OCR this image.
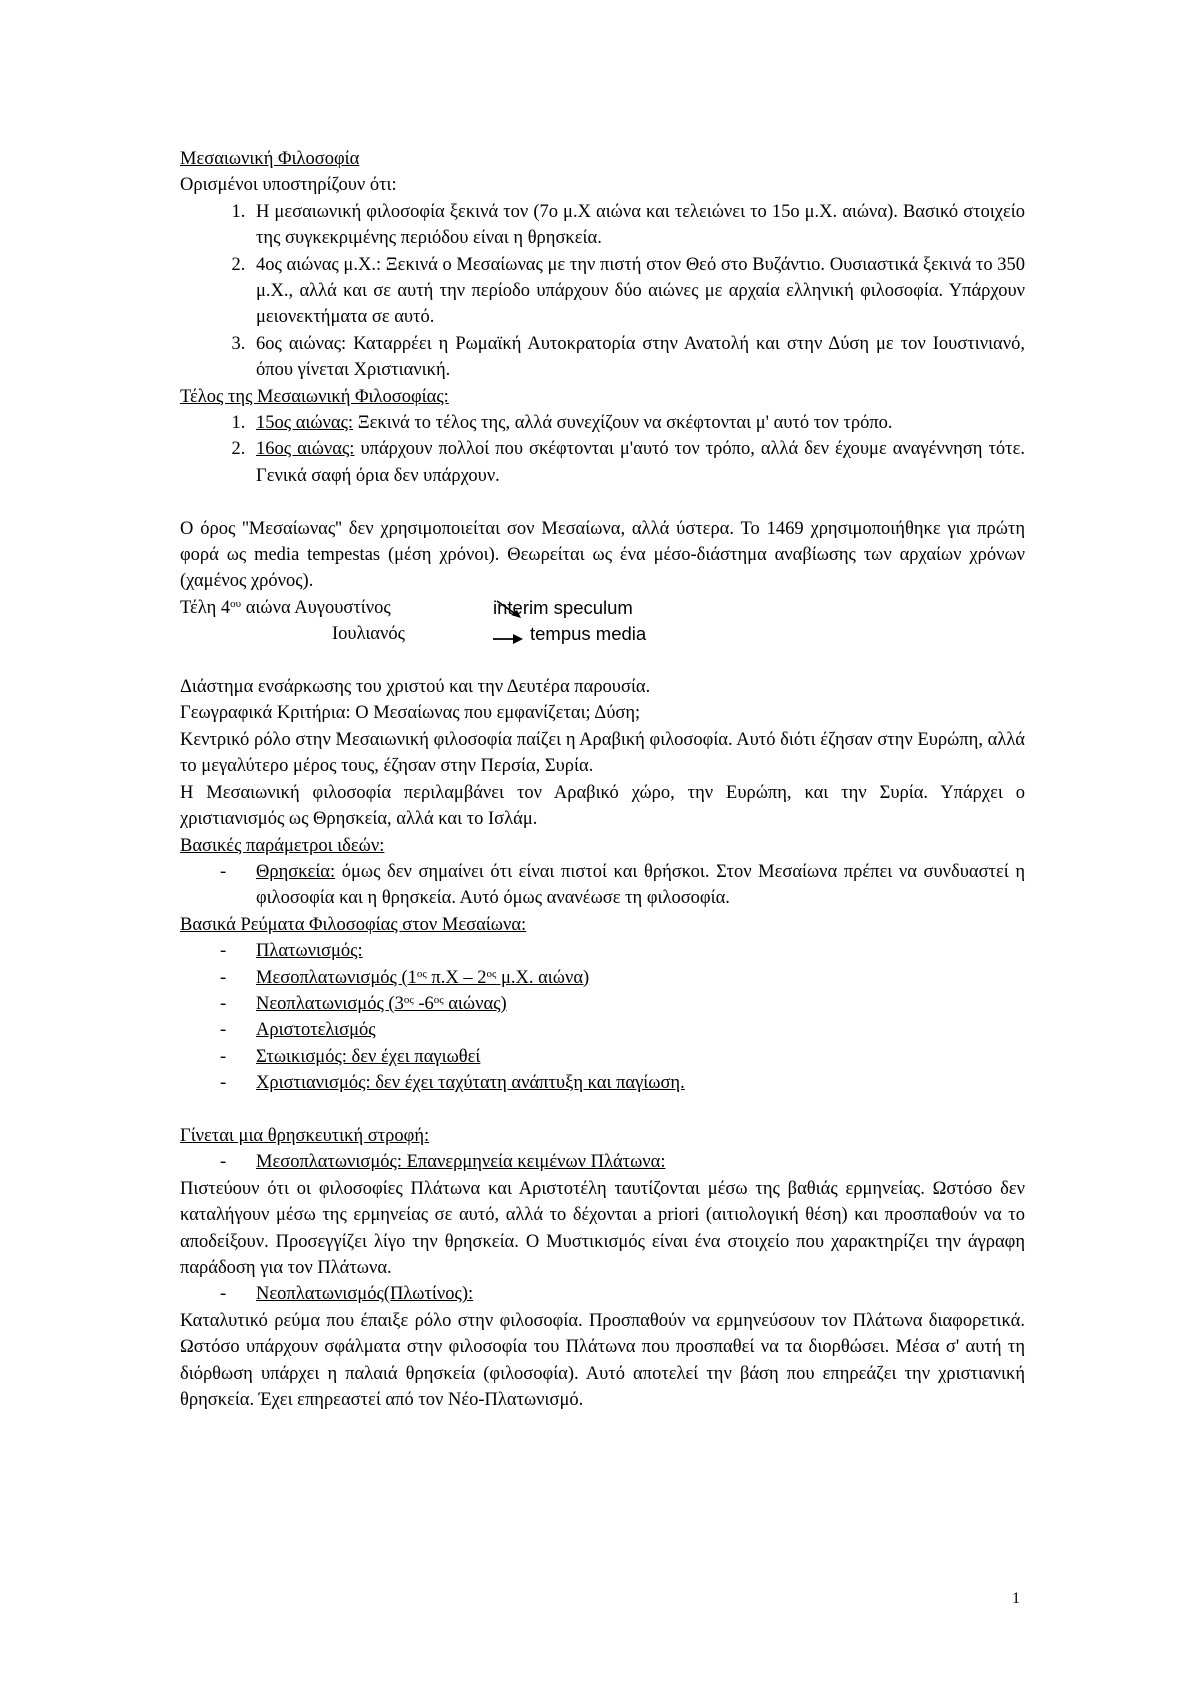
Μεσαιωνική Φιλοσοφία

Ορισμένοι υποστηρίζουν ότι:

1. Η μεσαιωνική φιλοσοφία ξεκινά τον (7ο μ.Χ αιώνα και τελειώνει το 15ο μ.Χ. αιώνα). Βασικό στοιχείο της συγκεκριμένης περιόδου είναι η θρησκεία.
2. 4ος αιώνας μ.Χ.: Ξεκινά ο Μεσαίωνας με την πιστή στον Θεό στο Βυζάντιο. Ουσιαστικά ξεκινά το 350 μ.Χ., αλλά και σε αυτή την περίοδο υπάρχουν δύο αιώνες με αρχαία ελληνική φιλοσοφία. Υπάρχουν μειονεκτήματα σε αυτό.
3. 6ος αιώνας: Καταρρέει η Ρωμαϊκή Αυτοκρατορία στην Ανατολή και στην Δύση με τον Ιουστινιανό, όπου γίνεται Χριστιανική.

Τέλος της Μεσαιωνική Φιλοσοφίας:

1. 15ος αιώνας: Ξεκινά το τέλος της, αλλά συνεχίζουν να σκέφτονται μ' αυτό τον τρόπο.
2. 16ος αιώνας: υπάρχουν πολλοί που σκέφτονται μ'αυτό τον τρόπο, αλλά δεν έχουμε αναγέννηση τότε. Γενικά σαφή όρια δεν υπάρχουν.

Ο όρος ''Μεσαίωνας'' δεν χρησιμοποιείται σον Μεσαίωνα, αλλά ύστερα. Το 1469 χρησιμοποιήθηκε για πρώτη φορά ως media tempestas (μέση χρόνοι). Θεωρείται ως ένα μέσο-διάστημα αναβίωσης των αρχαίων χρόνων (χαμένος χρόνος).

Τέλη $4^{o\upsilon}$ αιώνα Αυγουστίνος	interim speculum
Ιουλιανός	tempus media

Διάστημα ενσάρκωσης του χριστού και την Δευτέρα παρουσία.

Γεωγραφικά Κριτήρια: Ο Μεσαίωνας που εμφανίζεται; Δύση;

Κεντρικό ρόλο στην Μεσαιωνική φιλοσοφία παίζει η Αραβική φιλοσοφία. Αυτό διότι έζησαν στην Ευρώπη, αλλά το μεγαλύτερο μέρος τους, έζησαν στην Περσία, Συρία.

Η Μεσαιωνική φιλοσοφία περιλαμβάνει τον Αραβικό χώρο, την Ευρώπη, και την Συρία. Υπάρχει ο χριστιανισμός ως Θρησκεία, αλλά και το Ισλάμ.

Βασικές παράμετροι ιδεών:

- Θρησκεία: όμως δεν σημαίνει ότι είναι πιστοί και θρήσκοι. Στον Μεσαίωνα πρέπει να συνδυαστεί η φιλοσοφία και η θρησκεία. Αυτό όμως ανανέωσε τη φιλοσοφία.

Βασικά Ρεύματα Φιλοσοφίας στον Μεσαίωνα:

- Πλατωνισμός:
- Μεσοπλατωνισμός ($1^{o\varsigma}$ $\pi.X - 2^{o\varsigma}$ μ.Χ. αιώνα)
- Νεοπλατωνισμός ($3^{o\varsigma}$ $-6^{o\varsigma}$ αιώνας)
- Αριστοτελισμός
- Στωικισμός: δεν έχει παγιωθεί
- Χριστιανισμός: δεν έχει ταχύτατη ανάπτυξη και παγίωση.

Γίνεται μια θρησκευτική στροφή:

- Μεσοπλατωνισμός: Επανερμηνεία κειμένων Πλάτωνα:

Πιστεύουν ότι οι φιλοσοφίες Πλάτωνα και Αριστοτέλη ταυτίζονται μέσω της βαθιάς ερμηνείας. Ωστόσο δεν καταλήγουν μέσω της ερμηνείας σε αυτό, αλλά το δέχονται a priori (αιτιολογική θέση) και προσπαθούν να το αποδείξουν. Προσεγγίζει λίγο την θρησκεία. Ο Μυστικισμός είναι ένα στοιχείο που χαρακτηρίζει την άγραφη παράδοση για τον Πλάτωνα.

- Νεοπλατωνισμός(Πλωτίνος):

Καταλυτικό ρεύμα που έπαιξε ρόλο στην φιλοσοφία. Προσπαθούν να ερμηνεύσουν τον Πλάτωνα διαφορετικά. Ωστόσο υπάρχουν σφάλματα στην φιλοσοφία του Πλάτωνα που προσπαθεί να τα διορθώσει. Μέσα σ' αυτή τη διόρθωση υπάρχει η παλαιά θρησκεία (φιλοσοφία). Αυτό αποτελεί την βάση που επηρεάζει την χριστιανική θρησκεία. Έχει επηρεαστεί από τον Νέο-Πλατωνισμό.

1
